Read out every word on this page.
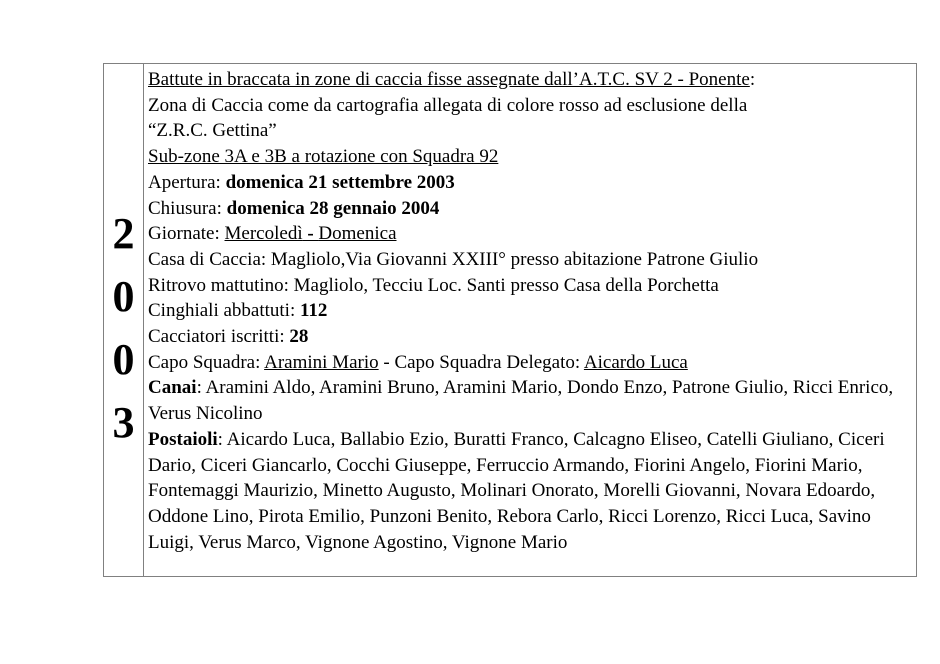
2
0
0
3
Battute in braccata in zone di caccia fisse assegnate dall’A.T.C. SV 2 - Ponente:
Zona di Caccia come da cartografia allegata di colore rosso ad esclusione della
“Z.R.C. Gettina”
Sub-zone 3A e 3B a rotazione con Squadra 92
Apertura: domenica 21 settembre 2003
Chiusura: domenica 28 gennaio 2004
Giornate: Mercoledì - Domenica
Casa di Caccia: Magliolo,Via Giovanni XXIII° presso abitazione Patrone Giulio
Ritrovo mattutino: Magliolo, Tecciu Loc. Santi presso Casa della Porchetta
Cinghiali abbattuti: 112
Cacciatori iscritti: 28
Capo Squadra: Aramini Mario - Capo Squadra Delegato: Aicardo Luca
Canai: Aramini Aldo, Aramini Bruno, Aramini Mario, Dondo Enzo, Patrone Giulio, Ricci Enrico, Verus Nicolino
Postaioli: Aicardo Luca, Ballabio Ezio, Buratti Franco, Calcagno Eliseo, Catelli Giuliano, Ciceri Dario, Ciceri Giancarlo, Cocchi Giuseppe, Ferruccio Armando, Fiorini Angelo, Fiorini Mario, Fontemaggi Maurizio, Minetto Augusto, Molinari Onorato, Morelli Giovanni, Novara Edoardo, Oddone Lino, Pirota Emilio, Punzoni Benito, Rebora Carlo, Ricci Lorenzo, Ricci Luca, Savino Luigi, Verus Marco, Vignone Agostino, Vignone Mario
